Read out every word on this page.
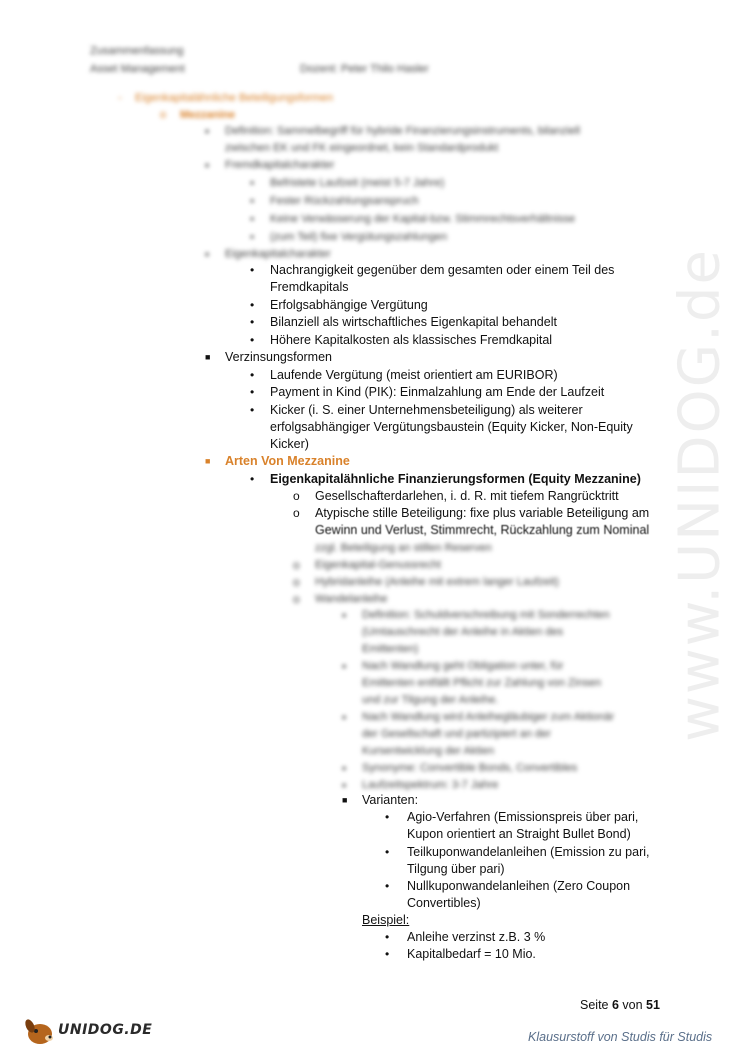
www.UNIDOG.de
Zusammenfassung
Asset Management	Dozent: Peter Thilo Hasler
- Eigenkapitalähnliche Beteiligungsformen
o Mezzanine
▪ Definition: Sammelbegriff für hybride Finanzierungsinstruments, bilanziell
zwischen EK und FK eingeordnet, kein Standardprodukt
▪ Fremdkapitalcharakter
• Befristete Laufzeit (meist 5-7 Jahre)
• Fester Rückzahlungsanspruch
• Keine Verwässerung der Kapital-bzw. Stimmrechtsverhältnisse
• (zum Teil) fixe Vergütungszahlungen
▪ Eigenkapitalcharakter
• Nachrangigkeit gegenüber dem gesamten oder einem Teil des
Fremdkapitals
• Erfolgsabhängige Vergütung
• Bilanziell als wirtschaftliches Eigenkapital behandelt
• Höhere Kapitalkosten als klassisches Fremdkapital
■ Verzinsungsformen
• Laufende Vergütung (meist orientiert am EURIBOR)
• Payment in Kind (PIK): Einmalzahlung am Ende der Laufzeit
• Kicker (i. S. einer Unternehmensbeteiligung) als weiterer
erfolgsabhängiger Vergütungsbaustein (Equity Kicker, Non-Equity
Kicker)
■ Arten Von Mezzanine
• Eigenkapitalähnliche Finanzierungsformen (Equity Mezzanine)
o Gesellschafterdarlehen, i. d. R. mit tiefem Rangrücktritt
o Atypische stille Beteiligung: fixe plus variable Beteiligung am
Gewinn und Verlust, Stimmrecht, Rückzahlung zum Nominal
zzgl. Beteiligung an stillen Reserven
o Eigenkapital-Genussrecht
o Hybridanleihe (Anleihe mit extrem langer Laufzeit)
o Wandelanleihe
▪ Definition: Schuldverschreibung mit Sonderrechten
(Umtauschrecht der Anleihe in Aktien des
Emittenten)
▪ Nach Wandlung geht Obligation unter, für
Emittenten entfällt Pflicht zur Zahlung von Zinsen
und zur Tilgung der Anleihe.
▪ Nach Wandlung wird Anleihegläubiger zum Aktionär
der Gesellschaft und partizipiert an der
Kursentwicklung der Aktien
▪ Synonyme: Convertible Bonds, Convertibles
▪ Laufzeitspektrum: 3-7 Jahre
■ Varianten:
• Agio-Verfahren (Emissionspreis über pari,
Kupon orientiert an Straight Bullet Bond)
• Teilkuponwandelanleihen (Emission zu pari,
Tilgung über pari)
• Nullkuponwandelanleihen (Zero Coupon
Convertibles)
Beispiel:
• Anleihe verzinst z.B. 3 %
• Kapitalbedarf = 10 Mio.
Seite 6 von 51
UNIDOG.DE	Klausurstoff von Studis für Studis
